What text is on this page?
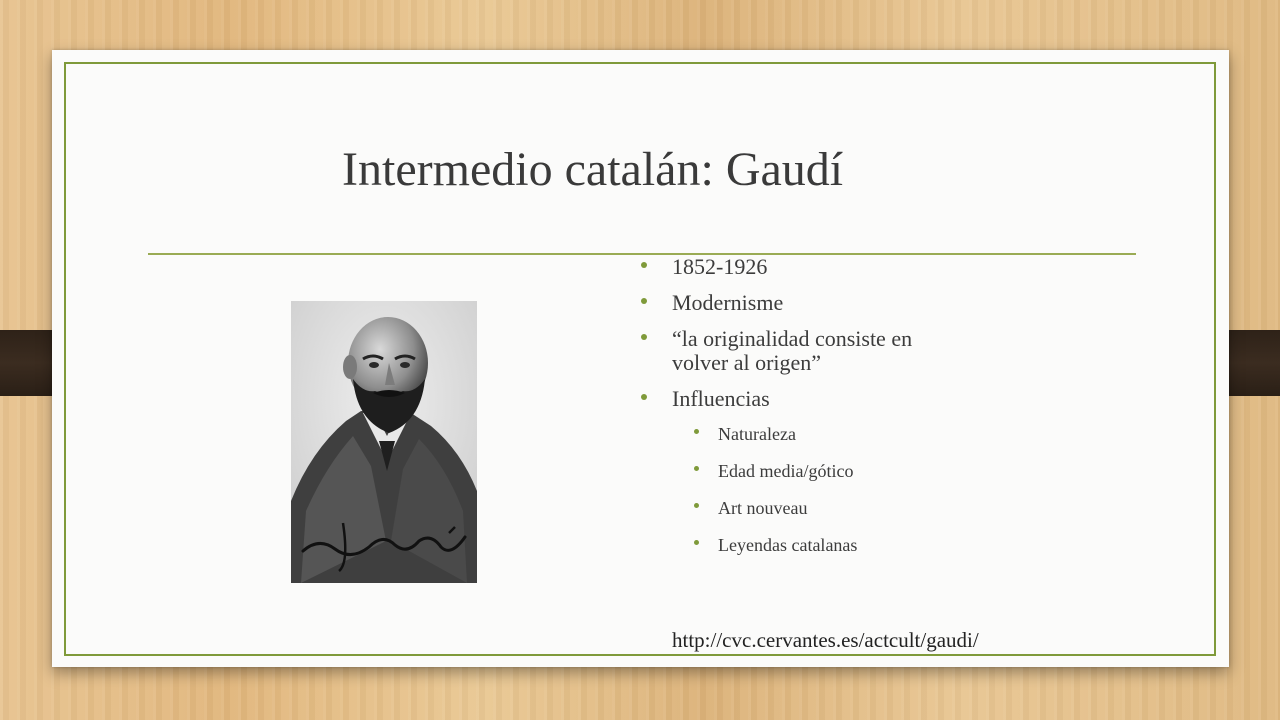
Intermedio catalán: Gaudí
1852-1926
Modernisme
“la originalidad consiste en volver al origen”
Influencias
Naturaleza
Edad media/gótico
Art nouveau
Leyendas catalanas
http://cvc.cervantes.es/actcult/gaudi/
